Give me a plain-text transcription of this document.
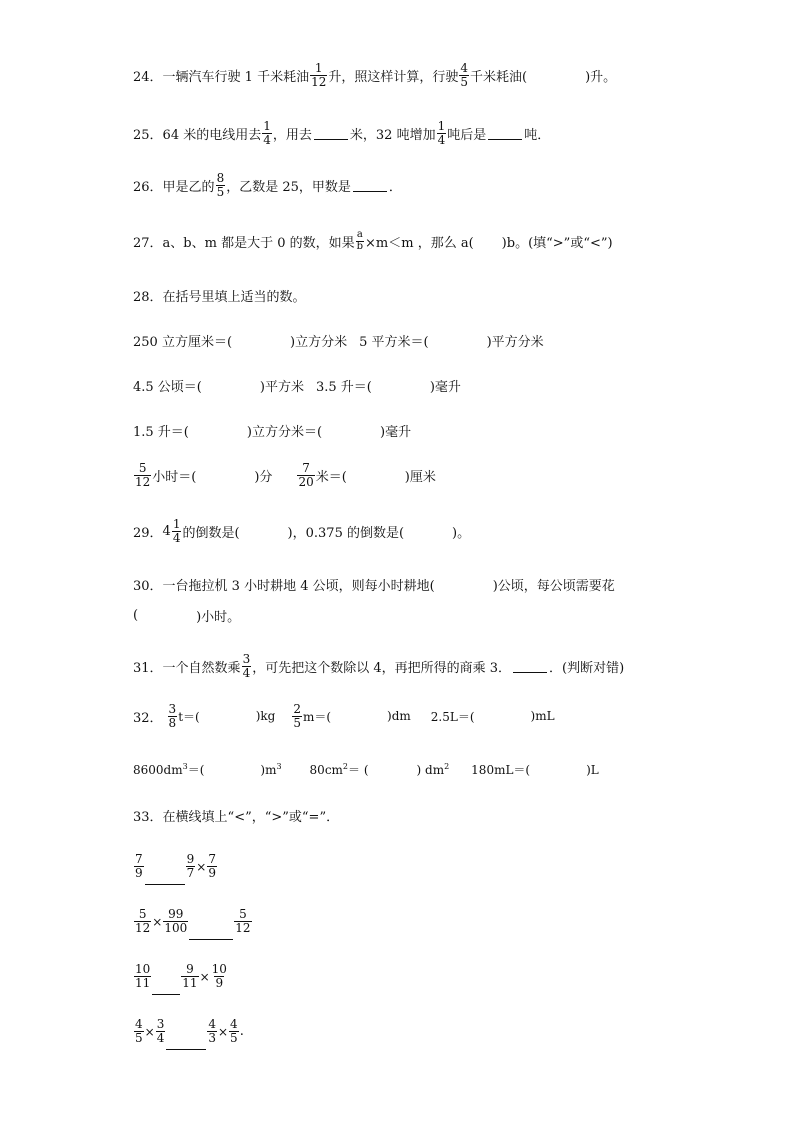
24． 一辆汽车行驶 1 千米耗油 $\frac{1}{12}$ 升，照这样计算，行驶 $\frac{4}{5}$ 千米耗油(	)升。
25． 64 米的电线用去 $\frac{1}{4}$ ，用去	米，32 吨增加 $\frac{1}{4}$ 吨后是	吨．
26． 甲是乙的 $\frac{8}{5}$ ，乙数是 25，甲数是	．
27． a、b、m 都是大于 0 的数，如果 $\frac{a}{b} \times m<m$ ，那么 a( )b。(填“>”或“<”)
28． 在括号里填上适当的数。
250 立方厘米＝(	)立方分米 5 平方米＝(	)平方分米
4.5 公顷＝(	)平方米 3.5 升＝(	)毫升
1.5 升＝(	)立方分米＝(	)毫升
$\frac{5}{12}$ 小时＝(	)分 $\frac{7}{20}$ 米＝(	)厘米
29． $4 \frac{1}{4}$ 的倒数是(	)，0.375 的倒数是(	)。
30． 一台拖拉机 3 小时耕地 4 公顷，则每小时耕地(	)公顷，每公顷需要花
(	)小时。
31． 一个自然数乘 $\frac{3}{4}$ ，可先把这个数除以 4，再把所得的商乘 3．	．(判断对错)
32． $\frac{3}{8} t=$(	)$kg \frac{2}{5} m=$(	)dm 2.5L＝(	)mL
$8600dm^3$ ＝(	)$m^3$ $80cm^2$ ＝ (	) $dm^2$ 180mL＝(	)L
33． 在横线填上“<”，“>”或“=”．
$\frac{7}{9}$	$\frac{9}{7} \times \frac{7}{9}$
$\frac{5}{12} \times \frac{99}{100}$	$\frac{5}{12}$
$\frac{10}{11}$	$\frac{9}{11} \times \frac{10}{9}$
$\frac{4}{5} \times \frac{3}{4}$	$\frac{4}{3} \times \frac{4}{5}$ .
